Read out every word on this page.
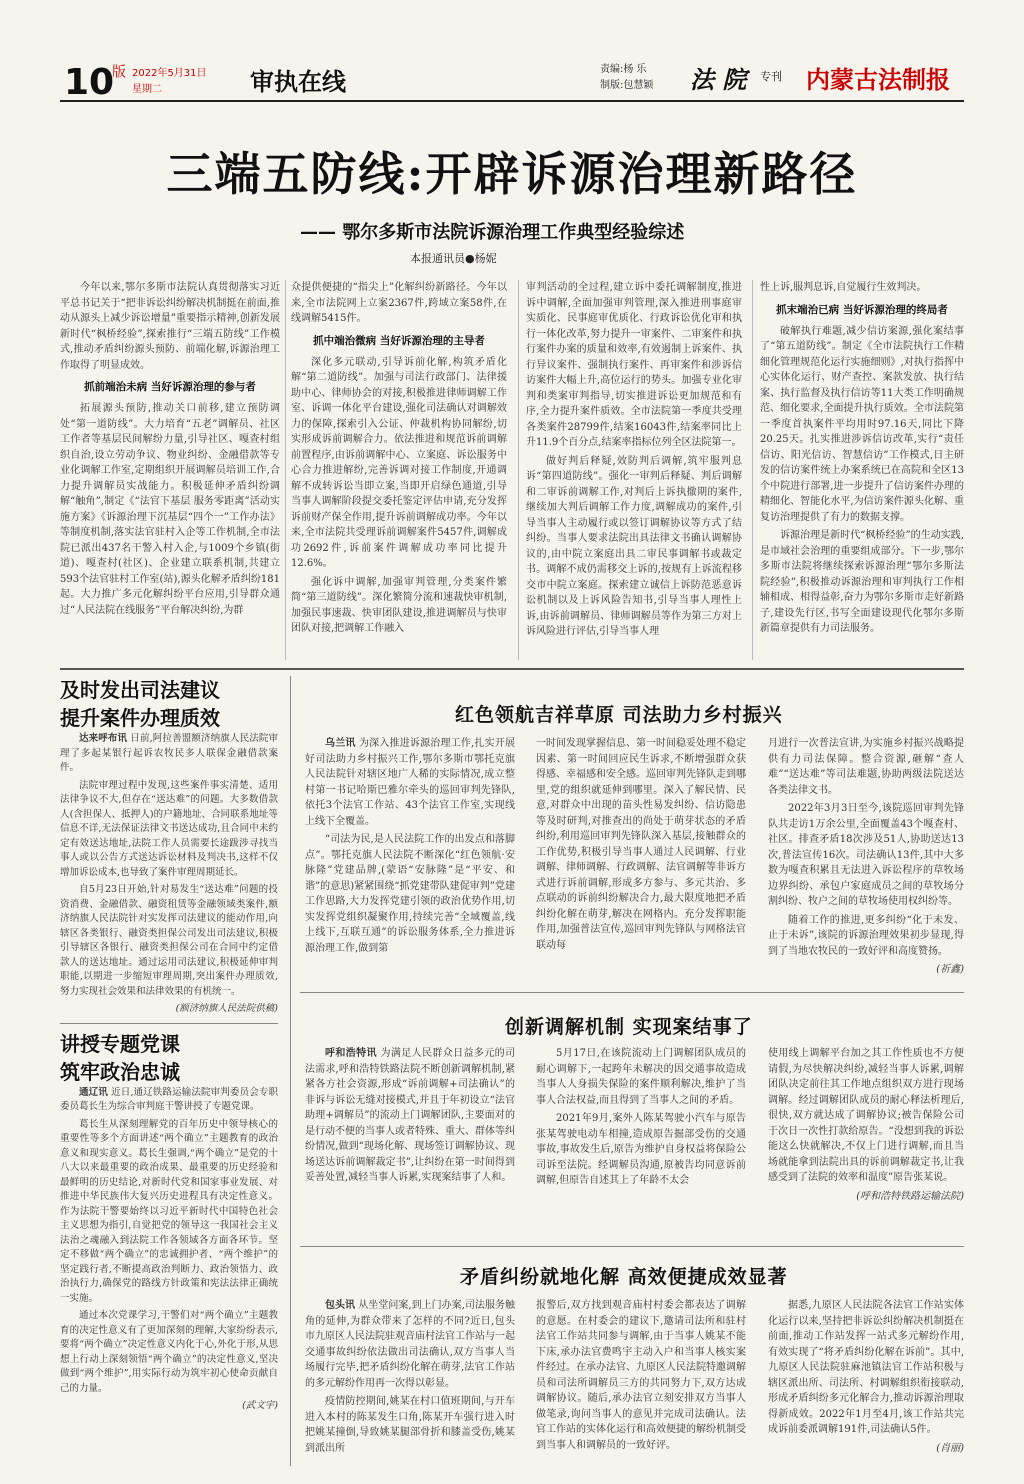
10
版 2022年5月31日
星期二	审执在线	责编:杨 乐
制版:包慧颖 法 院 专刊 内蒙古法制报
三端五防线:开辟诉源治理新路径
—— 鄂尔多斯市法院诉源治理工作典型经验综述
本报通讯员●杨妮

今年以来,鄂尔多斯市法院认真贯彻落实习近平总书记关于“把非诉讼纠纷解决机制挺在前面,推动从源头上减少诉讼增量”重要指示精神,创新发展新时代“枫桥经验”,探索推行“三端五防线”工作模式,推动矛盾纠纷源头预防、前端化解,诉源治理工作取得了明显成效。

抓前端治未病 当好诉源治理的参与者

拓展源头预防,推动关口前移,建立预防调处“第一道防线”。大力培育“五老”调解员、社区工作者等基层民间解纷力量,引导社区、嘎查村组织自治,设立劳动争议、物业纠纷、金融借款等专业化调解工作室,定期组织开展调解员培训工作,合力提升调解员实战能力。积极延伸矛盾纠纷调解“触角”,制定《“法官下基层 服务零距离”活动实施方案》《诉源治理下沉基层“四个一”工作办法》等制度机制,落实法官驻村入企等工作机制,全市法院已派出437名干警入村入企,与1009个乡镇(街道)、嘎查村(社区)、企业建立联系机制,共建立593个法官驻村工作室(站),源头化解矛盾纠纷181起。大力推广多元化解纠纷平台应用,引导群众通过“人民法院在线服务”平台解决纠纷,为群

众提供便捷的“指尖上”化解纠纷新路径。今年以来,全市法院网上立案2367件,跨域立案58件,在线调解5415件。

抓中端治微病 当好诉源治理的主导者

深化多元联动,引导诉前化解,构筑矛盾化解“第二道防线”。加强与司法行政部门、法律援助中心、律师协会的对接,积极推进律师调解工作室、诉调一体化平台建设,强化司法确认对调解效力的保障,探索引入公证、仲裁机构协同解纷,切实形成诉前调解合力。依法推进和规范诉前调解前置程序,由诉前调解中心、立案庭、诉讼服务中心合力推进解纷,完善诉调对接工作制度,开通调解不成转诉讼当即立案,当即开启绿色通道,引导当事人调解阶段提交委托鉴定评估申请,充分发挥诉前财产保全作用,提升诉前调解成功率。今年以来,全市法院共受理诉前调解案件5457件,调解成功2692件,诉前案件调解成功率同比提升12.6%。

强化诉中调解,加强审判管理,分类案件繁简“第三道防线”。深化繁简分流和速裁快审机制,加强民事速裁、快审团队建设,推进调解员与快审团队对接,把调解工作融入

审判活动的全过程,建立诉中委托调解制度,推进诉中调解,全面加强审判管理,深入推进刑事庭审实质化、民事庭审优质化、行政诉讼优化审和执行一体化改革,努力提升一审案件、二审案件和执行案件办案的质量和效率,有效遏制上诉案件、执行异议案件、强制执行案件、再审案件和涉诉信访案件大幅上升,高位运行的势头。加强专业化审判和类案审判指导,切实推进诉讼更加规范和有序,全力提升案件质效。全市法院第一季度共受理各类案件28799件,结案16043件,结案率同比上升11.9个百分点,结案率指标位列全区法院第一。

做好判后释疑,效防判后调解,筑牢服判息诉“第四道防线”。强化一审判后释疑、判后调解和二审诉前调解工作,对判后上诉执撤期的案件,继续加大判后调解工作力度,调解成功的案件,引导当事人主动履行或以签订调解协议等方式了结纠纷。当事人要求法院出具法律文书确认调解协议的,由中院立案庭出具二审民事调解书或裁定书。调解不成仍需移交上诉的,按规有上诉流程移交市中院立案庭。探索建立诚信上诉防范恶意诉讼机制以及上诉风险告知书,引导当事人理性上诉,由诉前调解员、律师调解员等作为第三方对上诉风险进行评估,引导当事人理

性上诉,服判息诉,自觉履行生效判决。

抓末端治已病 当好诉源治理的终局者

破解执行难题,减少信访案源,强化案结事了“第五道防线”。制定《全市法院执行工作精细化管理规范化运行实施细则》,对执行指挥中心实体化运行、财产查控、案款发放、执行结案、执行监督及执行信访等11大类工作明确规范、细化要求,全面提升执行质效。全市法院第一季度首执案件平均用时97.16天,同比下降20.25天。扎实推进涉诉信访改革,实行“责任信访、阳光信访、智慧信访”工作模式,日主研发的信访案件统上办案系统已在高院和全区13个中院进行部署,进一步提升了信访案件办理的精细化、智能化水平,为信访案件源头化解、重复访治理提供了有力的数据支撑。

诉源治理是新时代“枫桥经验”的生动实践,是市域社会治理的重要组成部分。下一步,鄂尔多斯市法院将继续探索诉源治理“鄂尔多斯法院经验”,积极推动诉源治理和审判执行工作相辅相成、相得益彰,奋力为鄂尔多斯市走好新路子,建设先行区,书写全面建设现代化鄂尔多斯新篇章提供有力司法服务。

及时发出司法建议
提升案件办理质效

达来呼布讯 日前,阿拉善盟额济纳旗人民法院审理了多起某银行起诉农牧民多人联保金融借款案件。

法院审理过程中发现,这些案件事实清楚、适用法律争议不大,但存在“送达难”的问题。大多数借款人(含担保人、抵押人)的户籍地址、合同联系地址等信息不详,无法保证法律文书送达成功,且合同中未约定有效送达地址,法院工作人员需要长途跋涉寻找当事人或以公告方式送达诉讼材料及判决书,这样不仅增加诉讼成本,也导致了案件审理周期延长。

自5月23日开始,针对易发生“送达难”问题的投资消费、金融借款、融资租赁等金融领域类案件,额济纳旗人民法院针对实发挥司法建议的能动作用,向辖区各类银行、融资类担保公司发出司法建议,积极引导辖区各银行、融资类担保公司在合同中约定借款人的送达地址。通过运用司法建议,积极延伸审判职能,以期进一步缩短审理周期,突出案件办理质效,努力实现社会效果和法律效果的有机统一。

(额济纳旗人民法院供稿)

讲授专题党课
筑牢政治忠诚

通辽讯 近日,通辽铁路运输法院审判委员会专职委员葛长生为综合审判庭干警讲授了专题党课。

葛长生从深刻理解党的百年历史中领导核心的重要性等多个方面讲述“两个确立”主题教育的政治意义和现实意义。葛长生强调,“两个确立”是党的十八大以来最重要的政治成果、最重要的历史经验和最鲜明的历史结论,对新时代党和国家事业发展、对推进中华民族伟大复兴历史进程具有决定性意义。作为法院干警要始终以习近平新时代中国特色社会主义思想为指引,自觉把党的领导这一我国社会主义法治之魂融入到法院工作各领域各方面各环节。坚定不移做“两个确立”的忠诚拥护者、“两个维护”的坚定践行者,不断提高政治判断力、政治领悟力、政治执行力,确保党的路线方针政策和宪法法律正确统一实施。

通过本次党课学习,干警们对“两个确立”主题教育的决定性意义有了更加深刻的理解,大家纷纷表示,要将“两个确立”决定性意义内化于心,外化于形,从思想上行动上深刻领悟“两个确立”的决定性意义,坚决做到“两个维护”,用实际行动为筑牢初心使命贡献自己的力量。

(武文宇)

红色领航吉祥草原 司法助力乡村振兴

乌兰讯 为深入推进诉源治理工作,扎实开展好司法助力乡村振兴工作,鄂尔多斯市鄂托克旗人民法院针对辖区地广人稀的实际情况,成立整村第一书记哈斯巴雅尔牵头的巡回审判先锋队,依托3个法官工作站、43个法官工作室,实现线上线下全覆盖。

“司法为民,是人民法院工作的出发点和落脚点”。鄂托克旗人民法院不断深化“红色领航·安脉隆”党建品牌,(蒙语“安脉隆”是“平安、和谐”的意思)紧紧围绕“抓党建带队建促审判”党建工作思路,大力发挥党建引领的政治优势作用,切实发挥党组织凝聚作用,持续完善“全域覆盖,线上线下,互联互通”的诉讼服务体系,全力推进诉源治理工作,做到第

一时间发现掌握信息、第一时间稳妥处理不稳定因素、第一时间回应民生诉求,不断增强群众获得感、幸福感和安全感。巡回审判先锋队走到哪里,党的组织就延伸到哪里。深入了解民情、民意,对群众中出现的苗头性易发纠纷、信访隐患等及时研判,对推查出的尚处于萌芽状态的矛盾纠纷,利用巡回审判先锋队深入基层,接触群众的工作优势,积极引导当事人通过人民调解、行业调解、律师调解、行政调解、法官调解等非诉方式进行诉前调解,形成多方参与、多元共治、多点联动的诉前纠纷解决合力,最大限度地把矛盾纠纷化解在萌芽,解决在网格内。充分发挥职能作用,加强普法宣传,巡回审判先锋队与网格法官联动每

月进行一次普法宣讲,为实施乡村振兴战略提供有力司法保障。整合资源,砸解“查人难”“送达难”等司法难题,协助两级法院送达各类法律文书。

2022年3月3日至今,该院巡回审判先锋队共走访1万余公里,全面覆盖43个嘎查村、社区。排查矛盾18次涉及51人,协助送达13次,普法宣传16次。司法确认13件,其中大多数为嘎查积累且无法进入诉讼程序的草牧场边界纠纷、承包户家庭成员之间的草牧场分割纠纷、牧户之间的草牧场使用权纠纷等。

随着工作的推进,更多纠纷“化于未发、止于未诉”,该院的诉源治理效果初步显现,得到了当地农牧民的一致好评和高度赞扬。

(祈鑫)

创新调解机制 实现案结事了

呼和浩特讯 为满足人民群众日益多元的司法需求,呼和浩特铁路法院不断创新调解机制,紧紧各方社会资源,形成“诉前调解+司法确认”的非诉与诉讼无缝对接模式,并且于年初设立“法官助理+调解员”的流动上门调解团队,主要面对的是行动不便的当事人或者特殊、重大、群体等纠纷情况,做到“现场化解、现场签订调解协议、现场送达诉前调解裁定书”,让纠纷在第一时间得到妥善处置,减轻当事人诉累,实现案结事了人和。

5月17日,在该院流动上门调解团队成员的耐心调解下,一起跨年未解决的因交通事故造成当事人人身损失保险的案件顺利解决,维护了当事人合法权益,而且得到了当事人之间的矛盾。

2021年9月,案外人陈某驾驶小汽车与原告张某驾驶电动车相撞,造成原告掘部受伤的交通事故,事故发生后,原告为维护自身权益将保险公司诉至法院。经调解员沟通,原被告均同意诉前调解,但原告自述其上了年龄不太会

使用线上调解平台加之其工作性质也不方便请假,为尽快解决纠纷,减轻当事人诉累,调解团队决定前往其工作地点组织双方进行现场调解。经过调解团队成员的耐心释法析理后,很快,双方就达成了调解协议;被告保险公司于次日一次性打款给原告。“没想到我的诉讼能这么快就解决,不仅上门进行调解,而且当场就能拿到法院出具的诉前调解裁定书,让我感受到了法院的效率和温度”原告张某说。

(呼和浩特铁路运输法院)

矛盾纠纷就地化解 高效便捷成效显著

包头讯 从坐堂问案,到上门办案,司法服务触角的延伸,为群众带来了怎样的不同?近日,包头市九原区人民法院驻观音庙村法官工作站与一起交通事故纠纷依法做出司法确认,双方当事人当场履行完毕,把矛盾纠纷化解在萌芽,法官工作站的多元解纷作用再一次得以彰显。

疫情防控期间,姚某在村口值班期间,与开车进入本村的陈某发生口角,陈某开车强行进入时把姚某撞倒,导致姚某腿部骨折和膝盖受伤,姚某到派出所

报警后,双方找到观音庙村村委会都表达了调解的意愿。在村委会的建议下,邀请司法所和驻村法官工作站共同参与调解,由于当事人姚某不能下床,承办法官费鸣宇主动入户和当事人核实案件经过。在承办法官、九原区人民法院特邀调解员和司法所调解员三方的共同努力下,双方达成调解协议。随后,承办法官立刻安排双方当事人做笔录,询问当事人的意见并完成司法确认。法官工作站的实体化运行和高效便捷的解纷机制受到当事人和调解员的一致好评。

据悉,九原区人民法院各法官工作站实体化运行以来,坚持把非诉讼纠纷解决机制挺在前面,推动工作站发挥一站式多元解纷作用,有效实现了“将矛盾纠纷化解在诉前”。其中,九原区人民法院驻麻池镇法官工作站积极与辖区派出所、司法所、村调解组织衔接联动,形成矛盾纠纷多元化解合力,推动诉源治理取得新成效。2022年1月至4月,该工作站共完成诉前委派调解191件,司法确认5件。

(肖丽)
